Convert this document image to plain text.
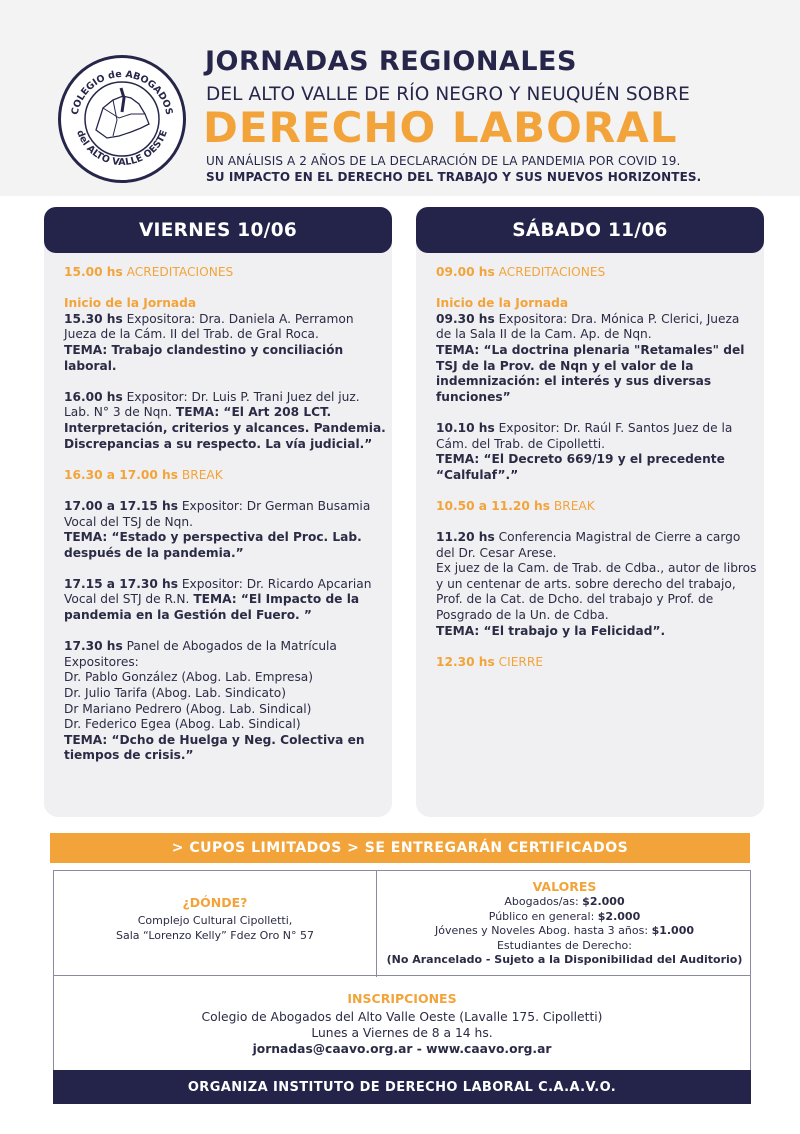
COLEGIO de ABOGADOS
del ALTO VALLE OESTE
JORNADAS REGIONALES
DEL ALTO VALLE DE RÍO NEGRO Y NEUQUÉN SOBRE
DERECHO LABORAL
UN ANÁLISIS A 2 AÑOS DE LA DECLARACIÓN DE LA PANDEMIA POR COVID 19.
SU IMPACTO EN EL DERECHO DEL TRABAJO Y SUS NUEVOS HORIZONTES.
VIERNES 10/06
15.00 hs ACREDITACIONES
Inicio de la Jornada
15.30 hs Expositora: Dra. Daniela A. Perramon Jueza de la Cám. II del Trab. de Gral Roca.
TEMA: Trabajo clandestino y conciliación laboral.
16.00 hs Expositor: Dr. Luis P. Trani Juez del juz. Lab. N° 3 de Nqn. TEMA: “El Art 208 LCT. Interpretación, criterios y alcances. Pandemia. Discrepancias a su respecto. La vía judicial.”
16.30 a 17.00 hs BREAK
17.00 a 17.15 hs Expositor: Dr German Busamia Vocal del TSJ de Nqn.
TEMA: “Estado y perspectiva del Proc. Lab. después de la pandemia.”
17.15 a 17.30 hs Expositor: Dr. Ricardo Apcarian Vocal del STJ de R.N. TEMA: “El Impacto de la pandemia en la Gestión del Fuero. ”
17.30 hs Panel de Abogados de la Matrícula
Expositores:
Dr. Pablo González (Abog. Lab. Empresa)
Dr. Julio Tarifa (Abog. Lab. Sindicato)
Dr Mariano Pedrero (Abog. Lab. Sindical)
Dr. Federico Egea (Abog. Lab. Sindical)
TEMA: “Dcho de Huelga y Neg. Colectiva en tiempos de crisis.”
SÁBADO 11/06
09.00 hs ACREDITACIONES
Inicio de la Jornada
09.30 hs Expositora: Dra. Mónica P. Clerici, Jueza de la Sala II de la Cam. Ap. de Nqn.
TEMA: “La doctrina plenaria "Retamales" del TSJ de la Prov. de Nqn y el valor de la indemnización: el interés y sus diversas funciones”
10.10 hs Expositor: Dr. Raúl F. Santos Juez de la Cám. del Trab. de Cipolletti.
TEMA: “El Decreto 669/19 y el precedente “Calfulaf”.”
10.50 a 11.20 hs BREAK
11.20 hs Conferencia Magistral de Cierre a cargo del Dr. Cesar Arese.
Ex juez de la Cam. de Trab. de Cdba., autor de libros y un centenar de arts. sobre derecho del trabajo, Prof. de la Cat. de Dcho. del trabajo y Prof. de Posgrado de la Un. de Cdba.
TEMA: “El trabajo y la Felicidad”.
12.30 hs CIERRE
> CUPOS LIMITADOS > SE ENTREGARÁN CERTIFICADOS
¿DÓNDE?
Complejo Cultural Cipolletti,
Sala “Lorenzo Kelly” Fdez Oro N° 57
VALORES
Abogados/as: $2.000
Público en general: $2.000
Jóvenes y Noveles Abog. hasta 3 años: $1.000
Estudiantes de Derecho:
(No Arancelado - Sujeto a la Disponibilidad del Auditorio)
INSCRIPCIONES
Colegio de Abogados del Alto Valle Oeste (Lavalle 175. Cipolletti)
Lunes a Viernes de 8 a 14 hs.
jornadas@caavo.org.ar - www.caavo.org.ar
ORGANIZA INSTITUTO DE DERECHO LABORAL C.A.A.V.O.
